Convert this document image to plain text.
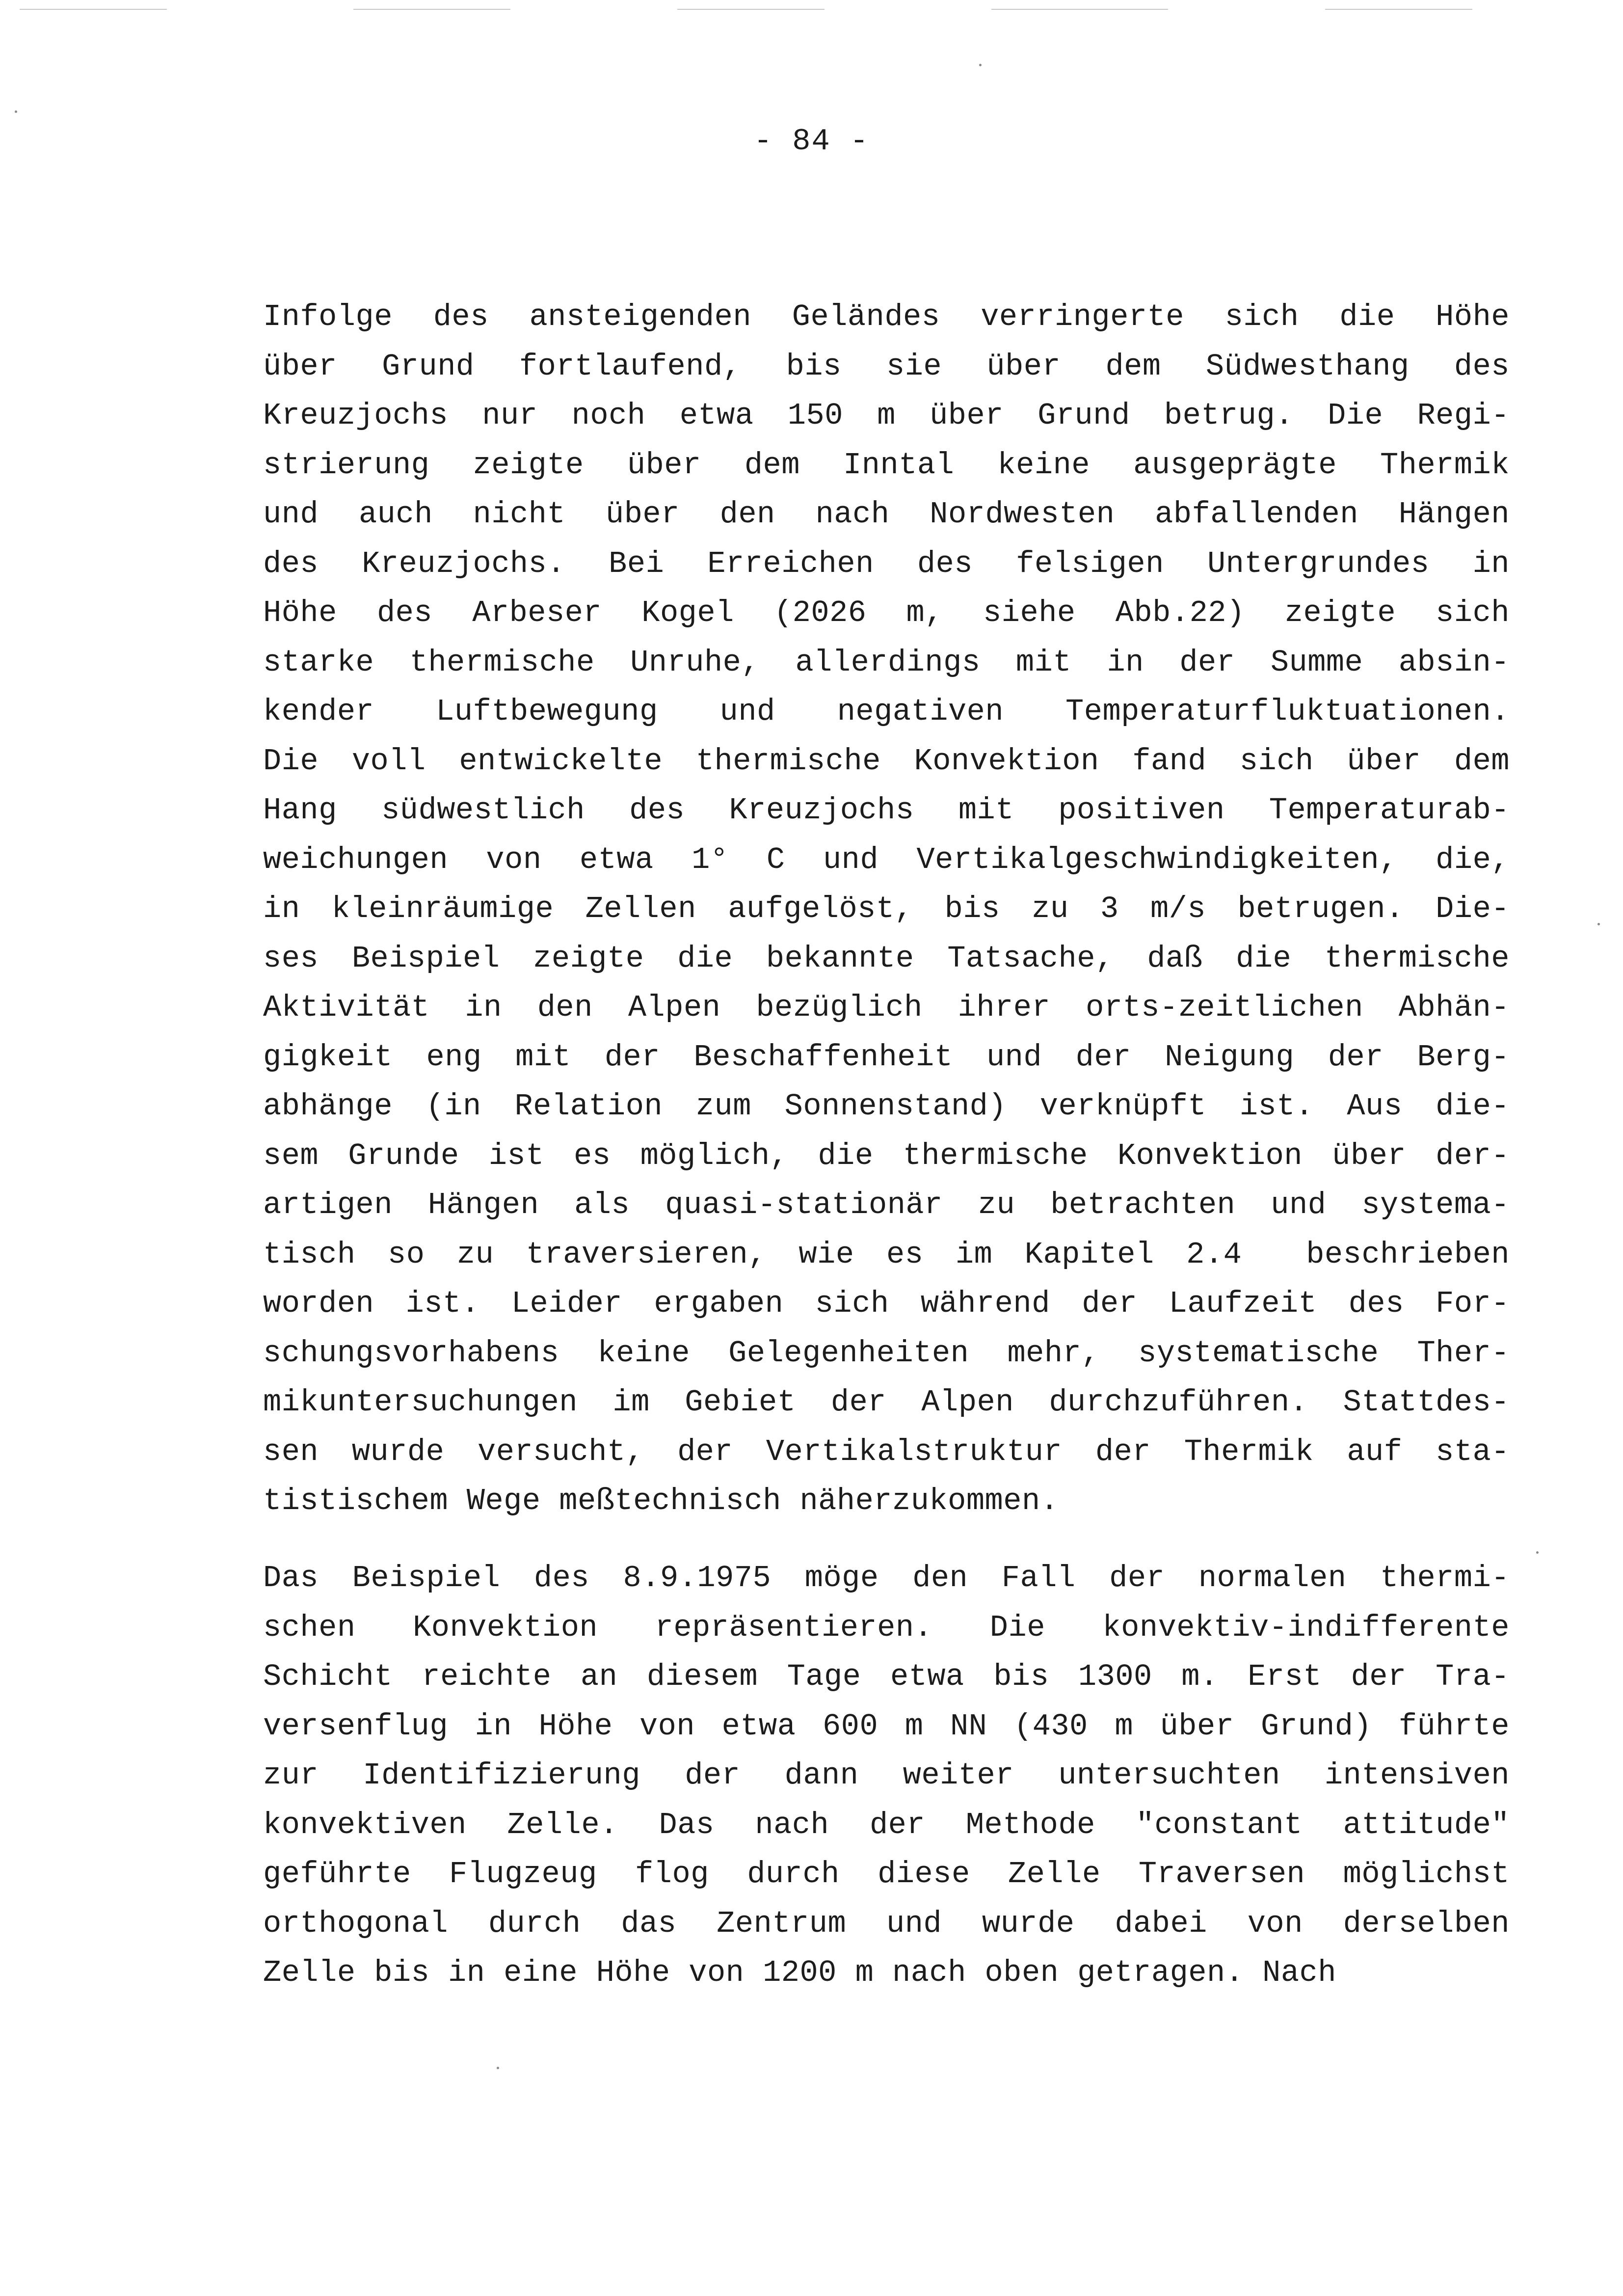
- 84 -
Infolge des ansteigenden Geländes verringerte sich die Höhe
über Grund fortlaufend, bis sie über dem Südwesthang des
Kreuzjochs nur noch etwa 150 m über Grund betrug. Die Regi-
strierung zeigte über dem Inntal keine ausgeprägte Thermik
und auch nicht über den nach Nordwesten abfallenden Hängen
des Kreuzjochs. Bei Erreichen des felsigen Untergrundes in
Höhe des Arbeser Kogel (2026 m, siehe Abb.22) zeigte sich
starke thermische Unruhe, allerdings mit in der Summe absin-
kender Luftbewegung und negativen Temperaturfluktuationen.
Die voll entwickelte thermische Konvektion fand sich über dem
Hang südwestlich des Kreuzjochs mit positiven Temperaturab-
weichungen von etwa 1° C und Vertikalgeschwindigkeiten, die,
in kleinräumige Zellen aufgelöst, bis zu 3 m/s betrugen. Die-
ses Beispiel zeigte die bekannte Tatsache, daß die thermische
Aktivität in den Alpen bezüglich ihrer orts-zeitlichen Abhän-
gigkeit eng mit der Beschaffenheit und der Neigung der Berg-
abhänge (in Relation zum Sonnenstand) verknüpft ist. Aus die-
sem Grunde ist es möglich, die thermische Konvektion über der-
artigen Hängen als quasi-stationär zu betrachten und systema-
tisch so zu traversieren, wie es im Kapitel 2.4  beschrieben
worden ist. Leider ergaben sich während der Laufzeit des For-
schungsvorhabens keine Gelegenheiten mehr, systematische Ther-
mikuntersuchungen im Gebiet der Alpen durchzuführen. Stattdes-
sen wurde versucht, der Vertikalstruktur der Thermik auf sta-
tistischem Wege meßtechnisch näherzukommen.
Das Beispiel des 8.9.1975 möge den Fall der normalen thermi-
schen Konvektion repräsentieren. Die konvektiv-indifferente
Schicht reichte an diesem Tage etwa bis 1300 m. Erst der Tra-
versenflug in Höhe von etwa 600 m NN (430 m über Grund) führte
zur Identifizierung der dann weiter untersuchten intensiven
konvektiven Zelle. Das nach der Methode "constant attitude"
geführte Flugzeug flog durch diese Zelle Traversen möglichst
orthogonal durch das Zentrum und wurde dabei von derselben
Zelle bis in eine Höhe von 1200 m nach oben getragen. Nach
